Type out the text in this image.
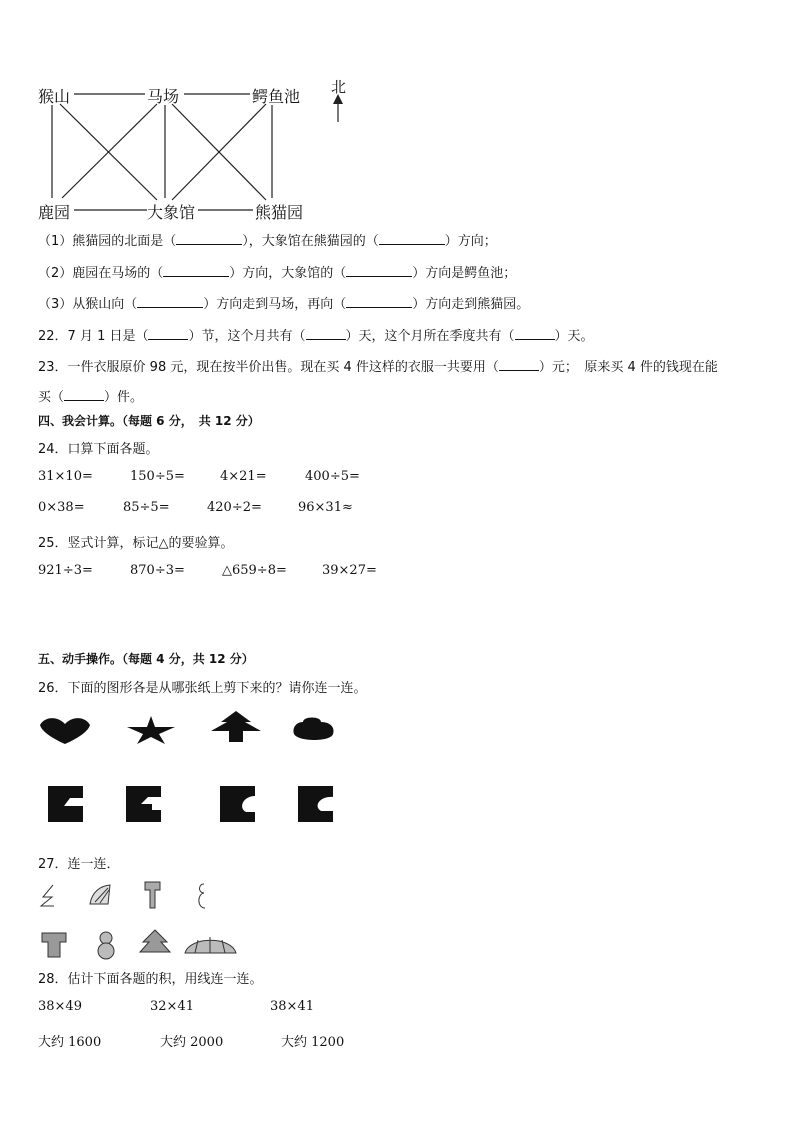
猴山	马场	鳄鱼池
鹿园	大象馆	熊猫园
北
（1）熊猫园的北面是（	），大象馆在熊猫园的（	）方向；
（2）鹿园在马场的（	）方向，大象馆的（	）方向是鳄鱼池；
（3）从猴山向（	）方向走到马场，再向（	）方向走到熊猫园。
22．7 月 1 日是（	）节，这个月共有（	）天，这个月所在季度共有（	）天。
23．一件衣服原价 98 元，现在按半价出售。现在买 4 件这样的衣服一共要用（	）元；　原来买 4 件的钱现在能
买（	）件。
四、我会计算。（每题 6 分，　共 12 分）
24．口算下面各题。
31×10=	150÷5=	4×21=	400÷5=
0×38=	85÷5=	420÷2=	96×31≈
25．竖式计算，标记△的要验算。
921÷3=	870÷3=	△659÷8=	39×27=
五、动手操作。（每题 4 分，共 12 分）
26．下面的图形各是从哪张纸上剪下来的？请你连一连。
27．连一连．
28．估计下面各题的积，用线连一连。
38×49	32×41	38×41
大约 1600	大约 2000	大约 1200
